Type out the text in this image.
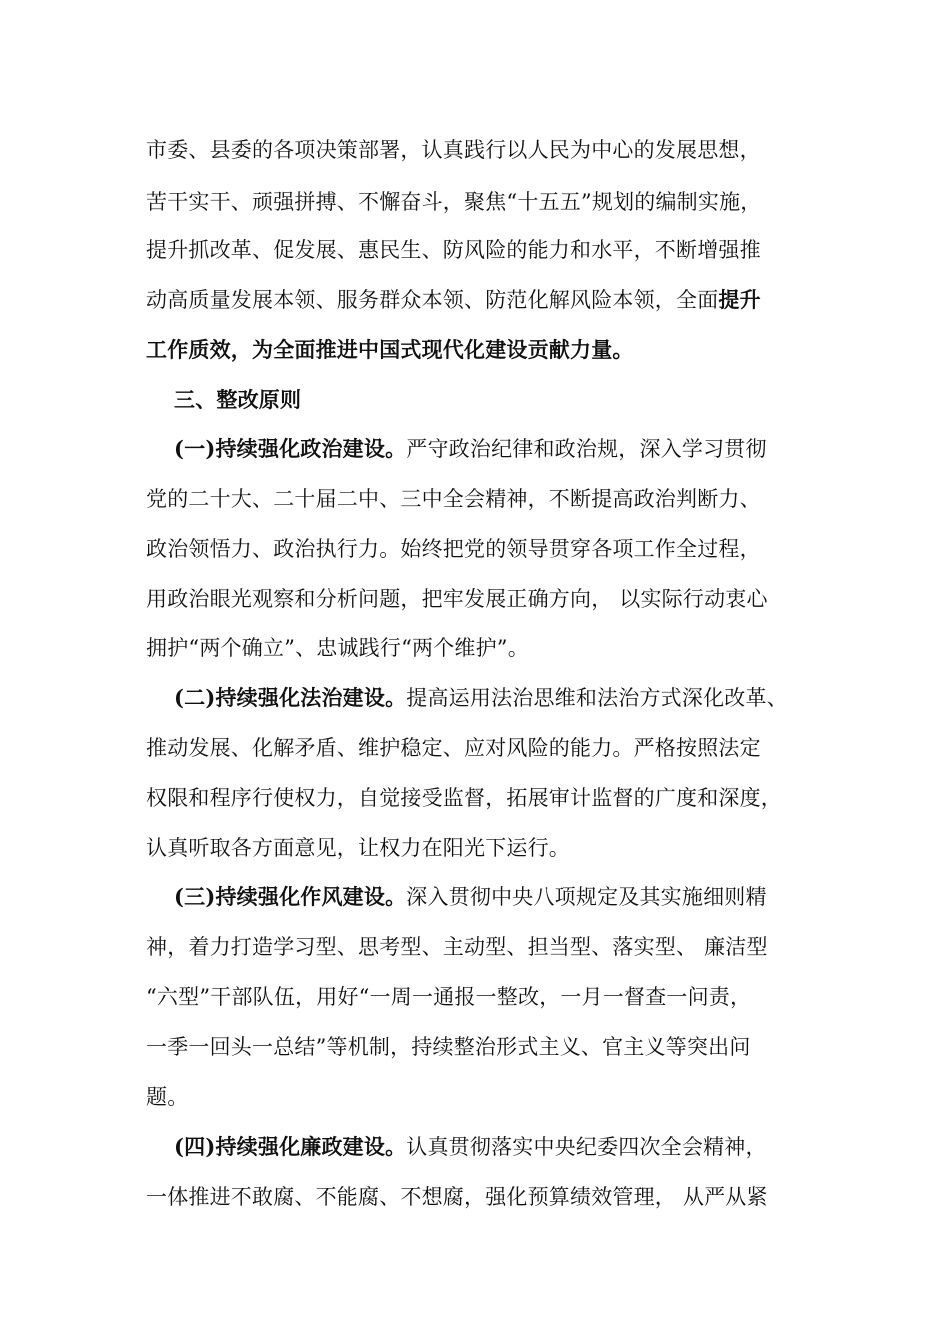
市委、县委的各项决策部署，认真践行以人民为中心的发展思想，
苦干实干、顽强拼搏、不懈奋斗，聚焦“十五五”规划的编制实施，
提升抓改革、促发展、惠民生、防风险的能力和水平，不断增强推
动高质量发展本领、服务群众本领、防范化解风险本领，全面提升
工作质效，为全面推进中国式现代化建设贡献力量。
三、整改原则
(一)持续强化政治建设。严守政治纪律和政治规，深入学习贯彻
党的二十大、二十届二中、三中全会精神，不断提高政治判断力、
政治领悟力、政治执行力。始终把党的领导贯穿各项工作全过程，
用政治眼光观察和分析问题，把牢发展正确方向， 以实际行动衷心
拥护“两个确立”、忠诚践行“两个维护”。
(二)持续强化法治建设。提高运用法治思维和法治方式深化改革、
推动发展、化解矛盾、维护稳定、应对风险的能力。严格按照法定
权限和程序行使权力，自觉接受监督，拓展审计监督的广度和深度，
认真听取各方面意见，让权力在阳光下运行。
(三)持续强化作风建设。深入贯彻中央八项规定及其实施细则精
神，着力打造学习型、思考型、主动型、担当型、落实型、 廉洁型
“六型”干部队伍，用好“一周一通报一整改，一月一督查一问责，
一季一回头一总结”等机制，持续整治形式主义、官主义等突出问
题。
(四)持续强化廉政建设。认真贯彻落实中央纪委四次全会精神，
一体推进不敢腐、不能腐、不想腐，强化预算绩效管理， 从严从紧
